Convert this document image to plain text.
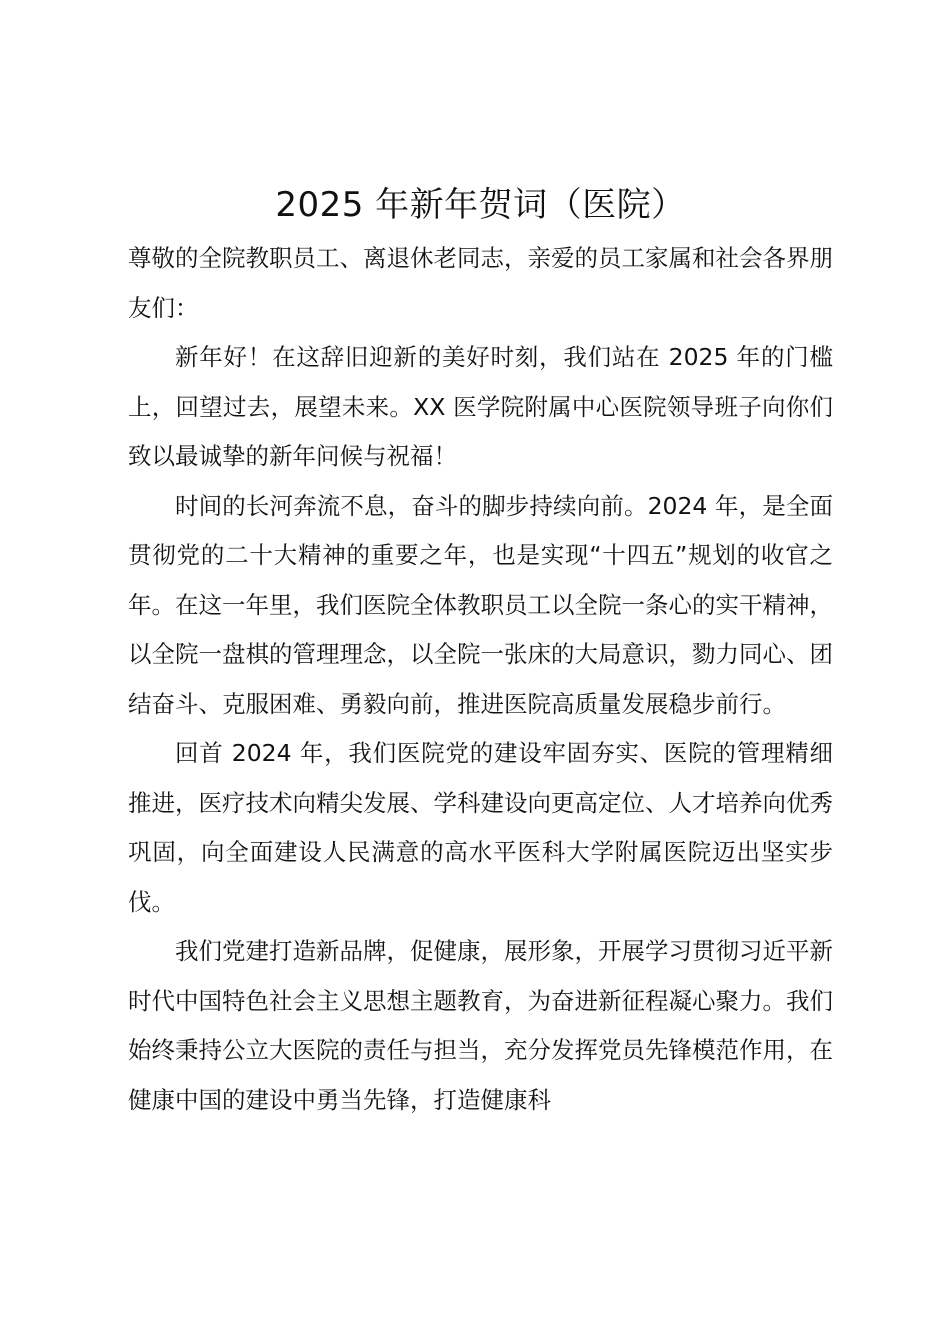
2025 年新年贺词（医院）

尊敬的全院教职员工、离退休老同志，亲爱的员工家属和社会各界朋友们：

新年好！在这辞旧迎新的美好时刻，我们站在 2025 年的门槛上，回望过去，展望未来。XX 医学院附属中心医院领导班子向你们致以最诚挚的新年问候与祝福！

时间的长河奔流不息，奋斗的脚步持续向前。2024 年，是全面贯彻党的二十大精神的重要之年，也是实现“十四五”规划的收官之年。在这一年里，我们医院全体教职员工以全院一条心的实干精神，以全院一盘棋的管理理念，以全院一张床的大局意识，勠力同心、团结奋斗、克服困难、勇毅向前，推进医院高质量发展稳步前行。

回首 2024 年，我们医院党的建设牢固夯实、医院的管理精细推进，医疗技术向精尖发展、学科建设向更高定位、人才培养向优秀巩固，向全面建设人民满意的高水平医科大学附属医院迈出坚实步伐。

我们党建打造新品牌，促健康，展形象，开展学习贯彻习近平新时代中国特色社会主义思想主题教育，为奋进新征程凝心聚力。我们始终秉持公立大医院的责任与担当，充分发挥党员先锋模范作用，在健康中国的建设中勇当先锋，打造健康科
